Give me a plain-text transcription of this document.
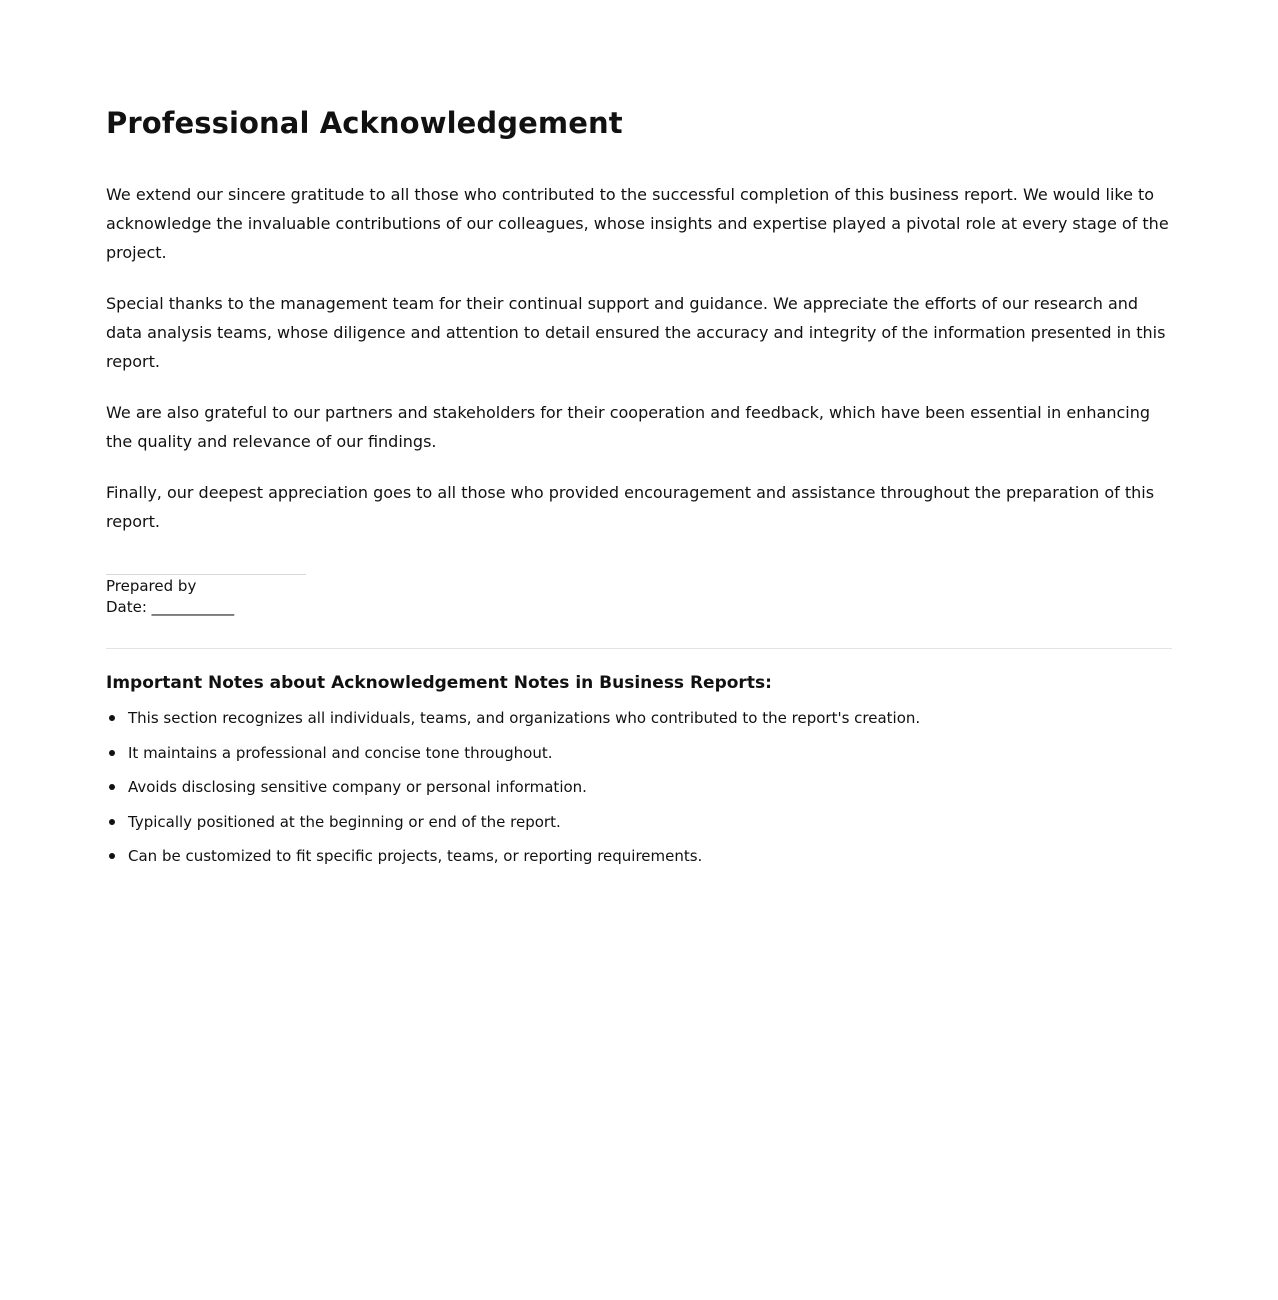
Professional Acknowledgement

We extend our sincere gratitude to all those who contributed to the successful completion of this business report. We would like to acknowledge the invaluable contributions of our colleagues, whose insights and expertise played a pivotal role at every stage of the project.

Special thanks to the management team for their continual support and guidance. We appreciate the efforts of our research and data analysis teams, whose diligence and attention to detail ensured the accuracy and integrity of the information presented in this report.

We are also grateful to our partners and stakeholders for their cooperation and feedback, which have been essential in enhancing the quality and relevance of our findings.

Finally, our deepest appreciation goes to all those who provided encouragement and assistance throughout the preparation of this report.

Prepared by
Date: ___________
Important Notes about Acknowledgement Notes in Business Reports:
This section recognizes all individuals, teams, and organizations who contributed to the report's creation.
It maintains a professional and concise tone throughout.
Avoids disclosing sensitive company or personal information.
Typically positioned at the beginning or end of the report.
Can be customized to fit specific projects, teams, or reporting requirements.
